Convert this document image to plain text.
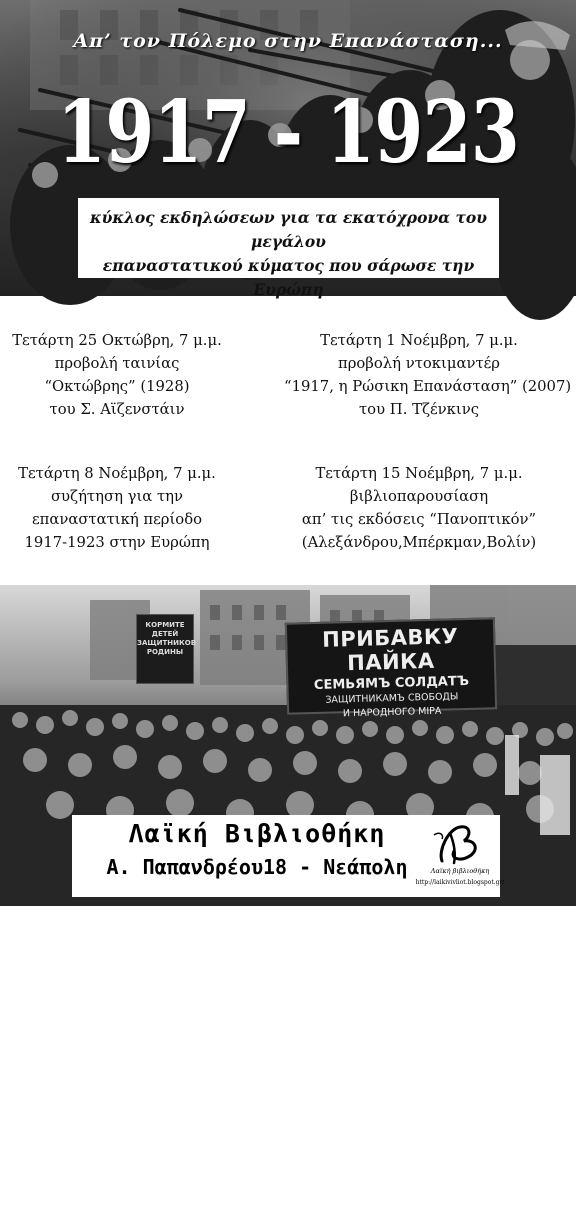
Απ’ τον Πόλεμο στην Επανάσταση...
1917 - 1923
κύκλος εκδηλώσεων για τα εκατόχρονα του μεγάλου
επαναστατικού κύματος που σάρωσε την Ευρώπη
Τετάρτη 25 Οκτώβρη, 7 μ.μ.
προβολή ταινίας
“Οκτώβρης” (1928)
του Σ. Αϊζενστάιν
Τετάρτη 1 Νοέμβρη, 7 μ.μ.
προβολή ντοκιμαντέρ
“1917, η Ρώσικη Επανάσταση” (2007)
του Π. Τζένκινς
Τετάρτη 8 Νοέμβρη, 7 μ.μ.
συζήτηση για την
επαναστατική περίοδο
1917-1923 στην Ευρώπη
Τετάρτη 15 Νοέμβρη, 7 μ.μ.
βιβλιοπαρουσίαση
απ’ τις εκδόσεις “Πανοπτικόν”
(Αλεξάνδρου,Μπέρκμαν,Βολίν)
БРАТЬЯ МОРИ БРАТЬЯ
КОРМИТЕ
ДЕТЕЙ
ЗАЩИТНИКОВ
РОДИНЫ
ПРИБАВКУ ПАЙКА
СЕМЬЯМЪ СОЛДАТЪ
ЗАЩИТНИКАМЪ СВОБОДЫ
И НАРОДНОГО МІРА
Λαϊκή Βιβλιοθήκη
Α. Παπανδρέου18 - Νεάπολη	Λαϊκή βιβλιοθήκη
http://laikivivliot.blogspot.gr/
